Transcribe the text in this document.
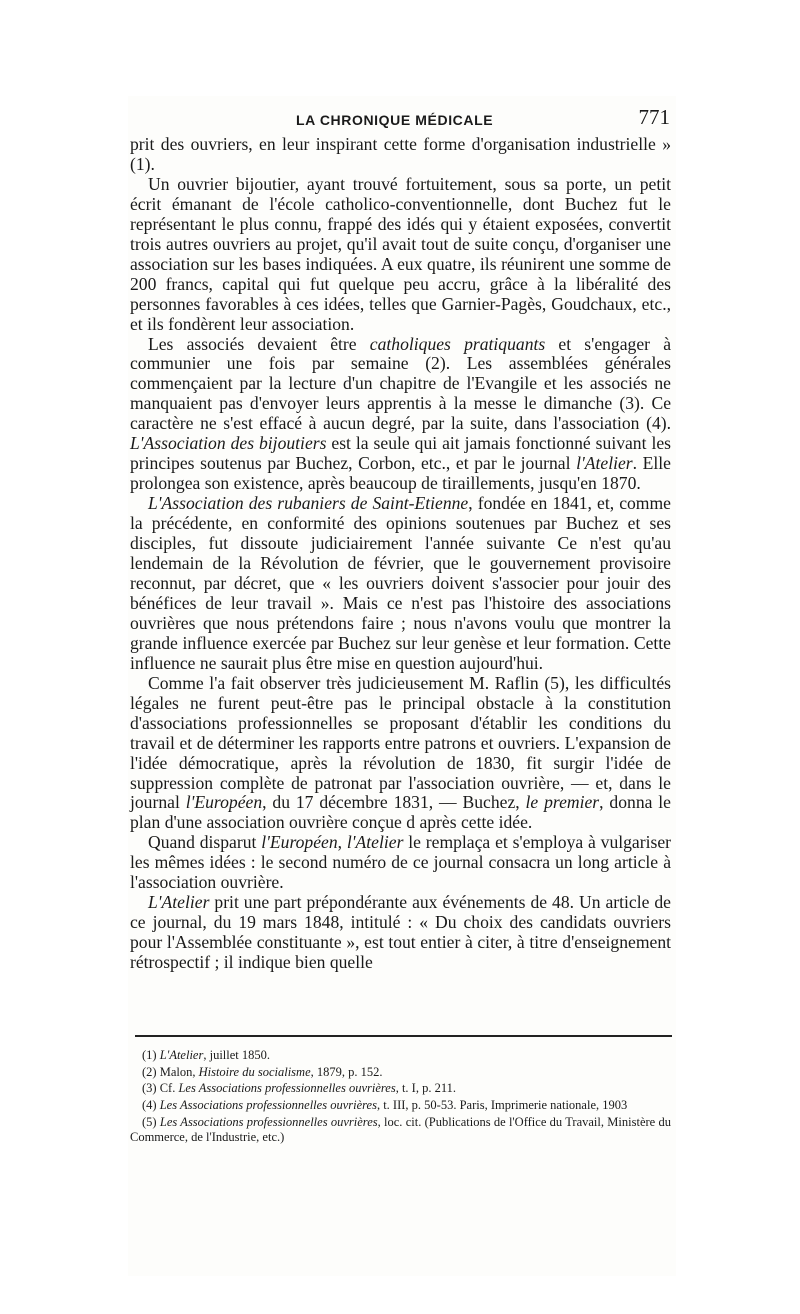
LA CHRONIQUE MÉDICALE	771

prit des ouvriers, en leur inspirant cette forme d'organisation industrielle » (1).

Un ouvrier bijoutier, ayant trouvé fortuitement, sous sa porte, un petit écrit émanant de l'école catholico-conventionnelle, dont Buchez fut le représentant le plus connu, frappé des idés qui y étaient exposées, convertit trois autres ouvriers au projet, qu'il avait tout de suite conçu, d'organiser une association sur les bases indiquées. A eux quatre, ils réunirent une somme de 200 francs, capital qui fut quelque peu accru, grâce à la libéralité des personnes favorables à ces idées, telles que Garnier-Pagès, Goudchaux, etc., et ils fondèrent leur association.

Les associés devaient être catholiques pratiquants et s'engager à communier une fois par semaine (2). Les assemblées générales commençaient par la lecture d'un chapitre de l'Evangile et les associés ne manquaient pas d'envoyer leurs apprentis à la messe le dimanche (3). Ce caractère ne s'est effacé à aucun degré, par la suite, dans l'association (4). L'Association des bijoutiers est la seule qui ait jamais fonctionné suivant les principes soutenus par Buchez, Corbon, etc., et par le journal l'Atelier. Elle prolongea son existence, après beaucoup de tiraillements, jusqu'en 1870.

L'Association des rubaniers de Saint-Etienne, fondée en 1841, et, comme la précédente, en conformité des opinions soutenues par Buchez et ses disciples, fut dissoute judiciairement l'année suivante Ce n'est qu'au lendemain de la Révolution de février, que le gouvernement provisoire reconnut, par décret, que « les ouvriers doivent s'associer pour jouir des bénéfices de leur travail ». Mais ce n'est pas l'histoire des associations ouvrières que nous prétendons faire ; nous n'avons voulu que montrer la grande influence exercée par Buchez sur leur genèse et leur formation. Cette influence ne saurait plus être mise en question aujourd'hui.

Comme l'a fait observer très judicieusement M. Raflin (5), les difficultés légales ne furent peut-être pas le principal obstacle à la constitution d'associations professionnelles se proposant d'établir les conditions du travail et de déterminer les rapports entre patrons et ouvriers. L'expansion de l'idée démocratique, après la révolution de 1830, fit surgir l'idée de suppression complète de patronat par l'association ouvrière, — et, dans le journal l'Européen, du 17 décembre 1831, — Buchez, le premier, donna le plan d'une association ouvrière conçue d après cette idée.

Quand disparut l'Européen, l'Atelier le remplaça et s'employa à vulgariser les mêmes idées : le second numéro de ce journal consacra un long article à l'association ouvrière.

L'Atelier prit une part prépondérante aux événements de 48. Un article de ce journal, du 19 mars 1848, intitulé : « Du choix des candidats ouvriers pour l'Assemblée constituante », est tout entier à citer, à titre d'enseignement rétrospectif ; il indique bien quelle

(1) L'Atelier, juillet 1850.

(2) Malon, Histoire du socialisme, 1879, p. 152.

(3) Cf. Les Associations professionnelles ouvrières, t. I, p. 211.

(4) Les Associations professionnelles ouvrières, t. III, p. 50-53. Paris, Imprimerie nationale, 1903

(5) Les Associations professionnelles ouvrières, loc. cit. (Publications de l'Office du Travail, Ministère du Commerce, de l'Industrie, etc.)
